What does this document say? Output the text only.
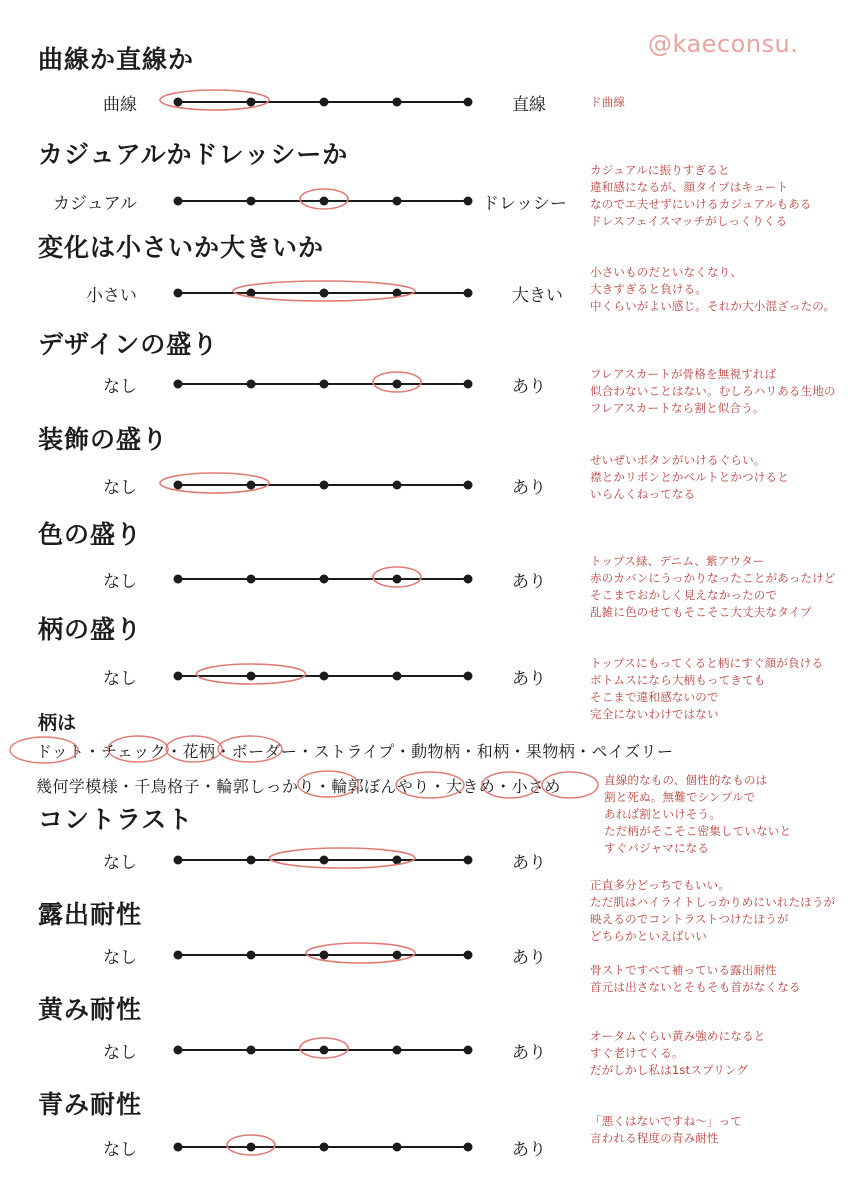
@kaeconsu.
曲線か直線か
曲線	直線	ド曲線
カジュアルかドレッシーか
カジュアル	ドレッシー
カジュアルに振りすぎると
違和感になるが、顔タイプはキュート
なのでエ夫せずにいけるカジュアルもある
ドレスフェイスマッチがしっくりくる
変化は小さいか大きいか
小さい	大きい
小さいものだといなくなり、
大きすぎると負ける。
中くらいがよい感じ。それか大小混ざったの。
デザインの盛り
なし	あり
フレアスカートが骨格を無視すれば
似合わないことはない。むしろハリある生地の
フレアスカートなら割と似合う。
装飾の盛り
なし	あり
せいぜいボタンがいけるぐらい。
襟とかリボンとかベルトとかつけると
いらんくねってなる
色の盛り
なし	あり
トップス緑、デニム、紫アウター
赤のカバンにうっかりなったことがあったけど
そこまでおかしく見えなかったので
乱雑に色のせてもそこそこ大丈夫なタイプ
柄の盛り
なし	あり
トップスにもってくると柄にすぐ顔が負ける
ボトムスになら大柄もってきても
そこまで違和感ないので
完全にないわけではない
コントラスト
なし	あり
正直多分どっちでもいい。
ただ肌はハイライトしっかりめにいれたほうが
映えるのでコントラストつけたほうが
どちらかといえばいい
露出耐性
なし	あり
骨ストですべて補っている露出耐性
首元は出さないとそもそも首がなくなる
黄み耐性
なし	あり
オータムぐらい黄み強めになると
すぐ老けてくる。
だがしかし私は1stスプリング
青み耐性
なし	あり
「悪くはないですね〜」って
言われる程度の青み耐性
柄は
ドット・チェック・花柄・ボーダー・ストライプ・動物柄・和柄・果物柄・ペイズリー
幾何学模様・千鳥格子・輪郭しっかり・輪郭ぼんやり・大きめ・小さめ	直線的なもの、個性的なものは
割と死ぬ。無難でシンプルで
あれば割といけそう。
ただ柄がそこそこ密集していないと
すぐパジャマになる
